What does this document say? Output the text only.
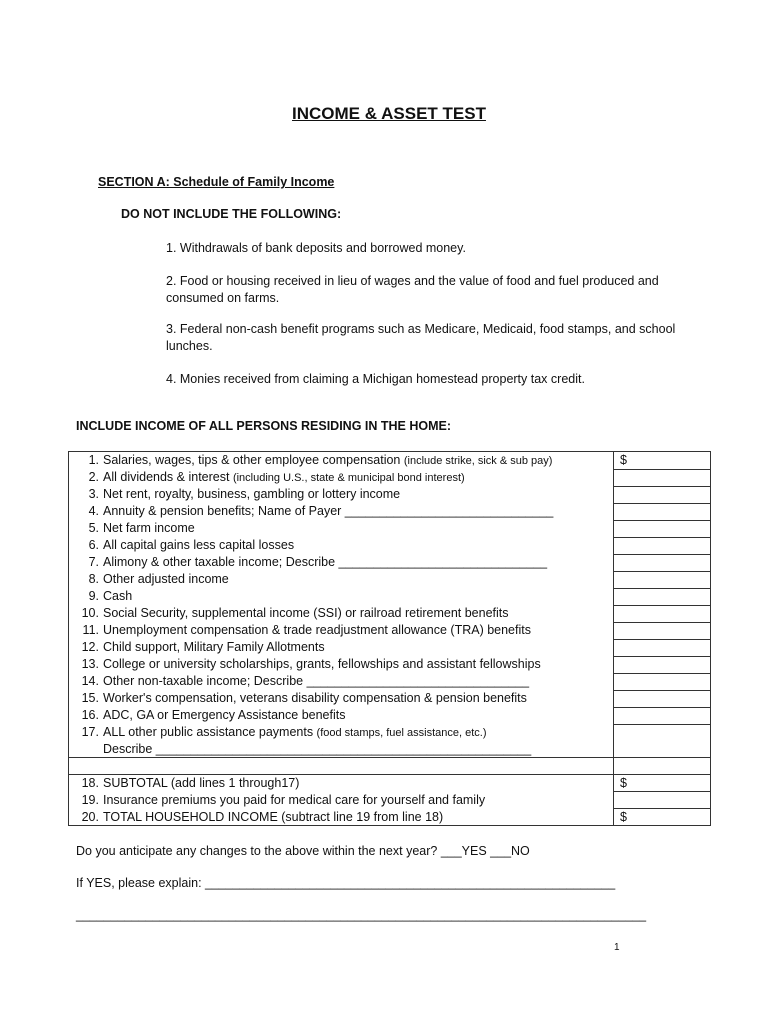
INCOME & ASSET TEST
SECTION A: Schedule of Family Income
DO NOT INCLUDE THE FOLLOWING:
1. Withdrawals of bank deposits and borrowed money.
2. Food or housing received in lieu of wages and the value of food and fuel produced and consumed on farms.
3. Federal non-cash benefit programs such as Medicare, Medicaid, food stamps, and school lunches.
4. Monies received from claiming a Michigan homestead property tax credit.
INCLUDE INCOME OF ALL PERSONS RESIDING IN THE HOME:
1. Salaries, wages, tips & other employee compensation (include strike, sick & sub pay)	$
2. All dividends & interest (including U.S., state & municipal bond interest)	
3. Net rent, royalty, business, gambling or lottery income	
4. Annuity & pension benefits; Name of Payer ______________________________	
5. Net farm income	
6. All capital gains less capital losses	
7. Alimony & other taxable income; Describe ______________________________	
8. Other adjusted income	
9. Cash	
10. Social Security, supplemental income (SSI) or railroad retirement benefits	
11. Unemployment compensation & trade readjustment allowance (TRA) benefits	
12. Child support, Military Family Allotments	
13. College or university scholarships, grants, fellowships and assistant fellowships	
14. Other non-taxable income; Describe ________________________________	
15. Worker's compensation, veterans disability compensation & pension benefits	
16. ADC, GA or Emergency Assistance benefits	
17. ALL other public assistance payments (food stamps, fuel assistance, etc.)
Describe ______________________________________________________	

18. SUBTOTAL (add lines 1 through17)	$
19. Insurance premiums you paid for medical care for yourself and family	
20. TOTAL HOUSEHOLD INCOME (subtract line 19 from line 18)	$
Do you anticipate any changes to the above within the next year? ___YES ___NO
If YES, please explain: ___________________________________________________________
__________________________________________________________________________________
1
